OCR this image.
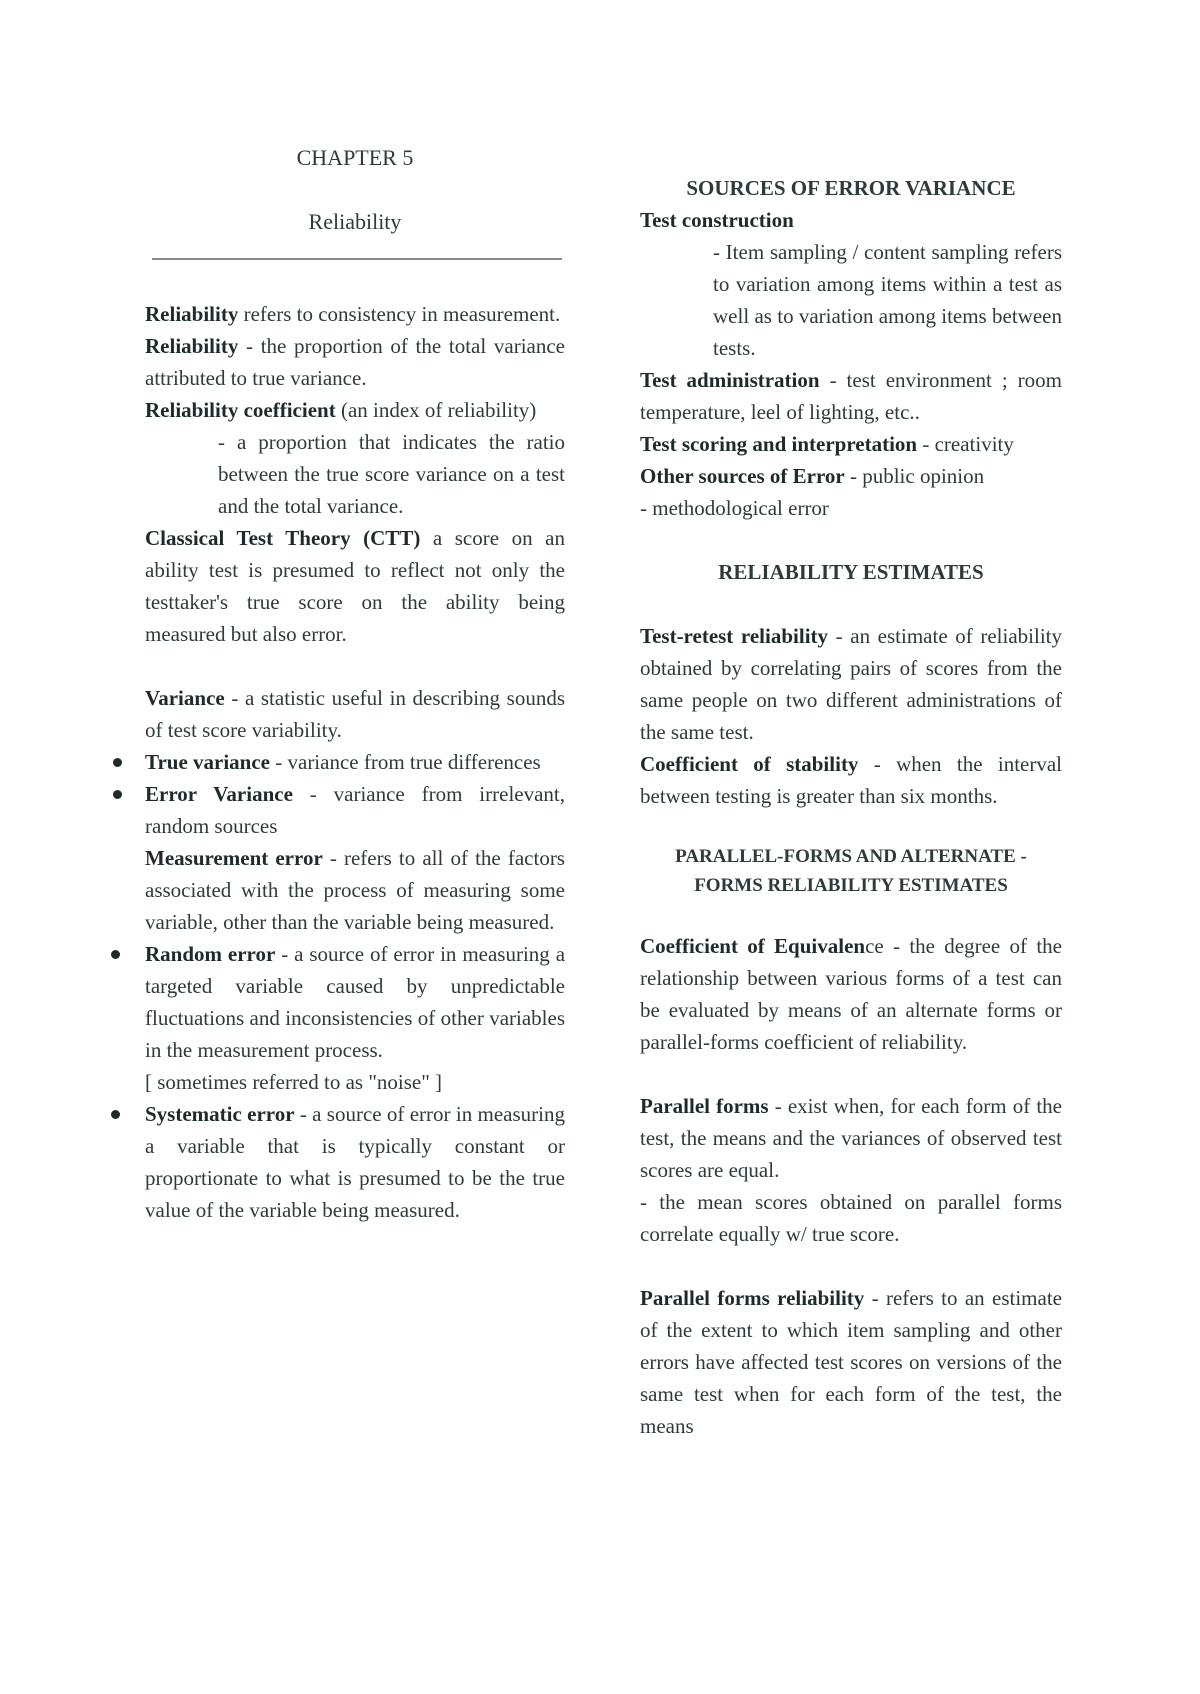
CHAPTER 5

Reliability

Reliability refers to consistency in measurement.

Reliability - the proportion of the total variance attributed to true variance.

Reliability coefficient (an index of reliability)

- a proportion that indicates the ratio between the true score variance on a test and the total variance.

Classical Test Theory (CTT) a score on an ability test is presumed to reflect not only the testtaker's true score on the ability being measured but also error.

Variance - a statistic useful in describing sounds of test score variability.

True variance - variance from true differences
Error Variance - variance from irrelevant, random sources

Measurement error - refers to all of the factors associated with the process of measuring some variable, other than the variable being measured.

Random error - a source of error in measuring a targeted variable caused by unpredictable fluctuations and inconsistencies of other variables in the measurement process.

[ sometimes referred to as "noise" ]

Systematic error - a source of error in measuring a variable that is typically constant or proportionate to what is presumed to be the true value of the variable being measured.

SOURCES OF ERROR VARIANCE

Test construction

- Item sampling / content sampling refers to variation among items within a test as well as to variation among items between tests.

Test administration - test environment ; room temperature, leel of lighting, etc..

Test scoring and interpretation - creativity

Other sources of Error - public opinion

- methodological error

RELIABILITY ESTIMATES

Test-retest reliability - an estimate of reliability obtained by correlating pairs of scores from the same people on two different administrations of the same test.

Coefficient of stability - when the interval between testing is greater than six months.

PARALLEL-FORMS AND ALTERNATE -

FORMS RELIABILITY ESTIMATES

Coefficient of Equivalence - the degree of the relationship between various forms of a test can be evaluated by means of an alternate forms or parallel-forms coefficient of reliability.

Parallel forms - exist when, for each form of the test, the means and the variances of observed test scores are equal.

- the mean scores obtained on parallel forms correlate equally w/ true score.

Parallel forms reliability - refers to an estimate of the extent to which item sampling and other errors have affected test scores on versions of the same test when for each form of the test, the means
